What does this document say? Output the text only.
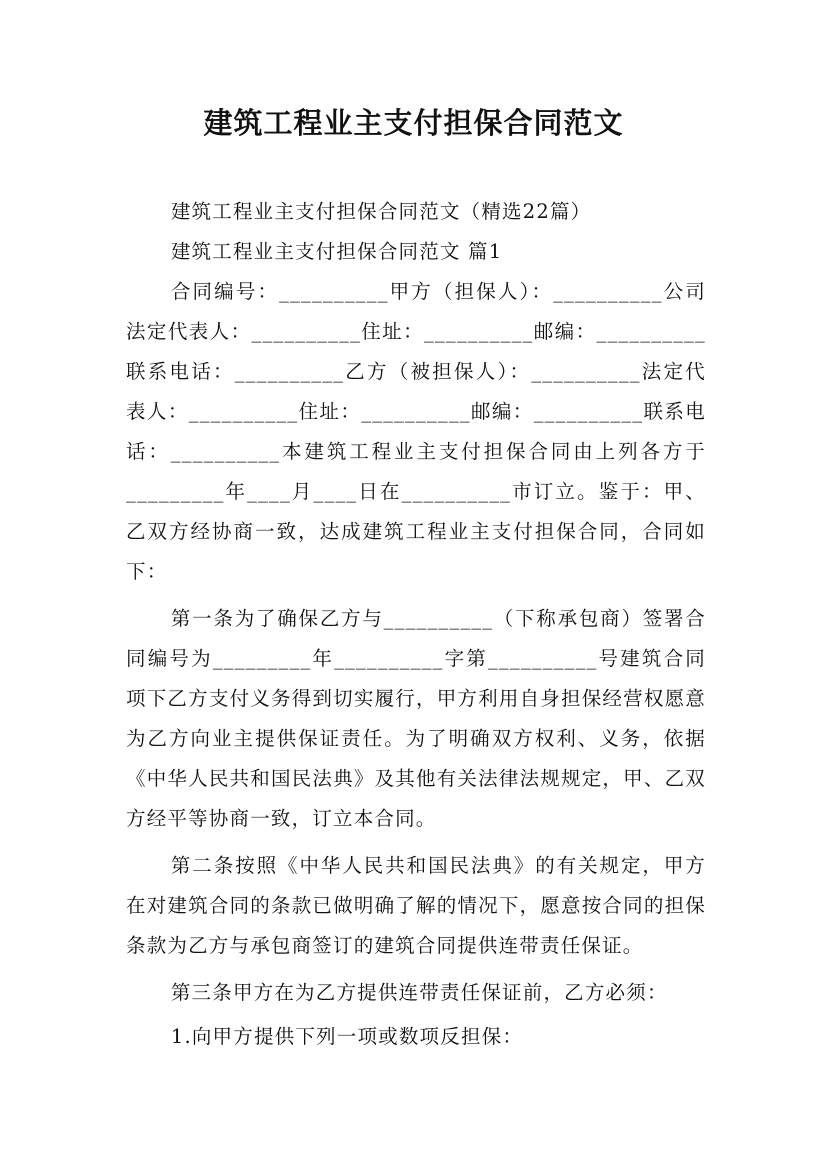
建筑工程业主支付担保合同范文

建筑工程业主支付担保合同范文（精选22篇）

建筑工程业主支付担保合同范文 篇1

合同编号：__________甲方（担保人）：__________公司法定代表人：__________住址：__________邮编：__________联系电话：__________乙方（被担保人）：__________法定代表人：__________住址：__________邮编：__________联系电话：__________本建筑工程业主支付担保合同由上列各方于_________年____月____日在__________市订立。鉴于：甲、乙双方经协商一致，达成建筑工程业主支付担保合同，合同如下：

第一条为了确保乙方与__________（下称承包商）签署合同编号为_________年__________字第__________号建筑合同项下乙方支付义务得到切实履行，甲方利用自身担保经营权愿意为乙方向业主提供保证责任。为了明确双方权利、义务，依据《中华人民共和国民法典》及其他有关法律法规规定，甲、乙双方经平等协商一致，订立本合同。

第二条按照《中华人民共和国民法典》的有关规定，甲方在对建筑合同的条款已做明确了解的情况下，愿意按合同的担保条款为乙方与承包商签订的建筑合同提供连带责任保证。

第三条甲方在为乙方提供连带责任保证前，乙方必须：

1.向甲方提供下列一项或数项反担保：
